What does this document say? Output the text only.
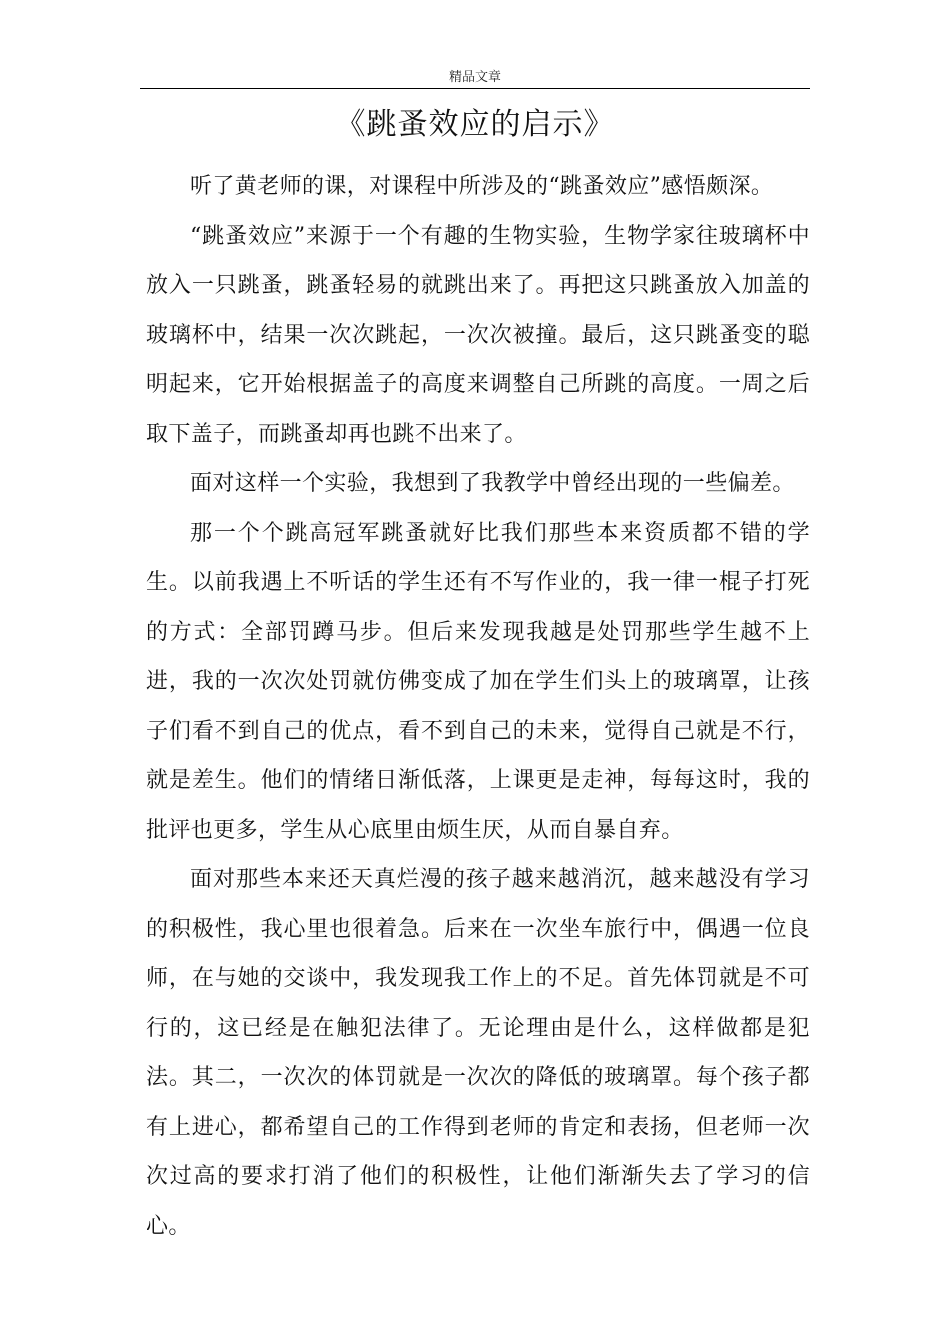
精品文章
《跳蚤效应的启示》

听了黄老师的课，对课程中所涉及的“跳蚤效应”感悟颇深。

“跳蚤效应”来源于一个有趣的生物实验，生物学家往玻璃杯中放入一只跳蚤，跳蚤轻易的就跳出来了。再把这只跳蚤放入加盖的玻璃杯中，结果一次次跳起，一次次被撞。最后，这只跳蚤变的聪明起来，它开始根据盖子的高度来调整自己所跳的高度。一周之后取下盖子，而跳蚤却再也跳不出来了。

面对这样一个实验，我想到了我教学中曾经出现的一些偏差。

那一个个跳高冠军跳蚤就好比我们那些本来资质都不错的学生。以前我遇上不听话的学生还有不写作业的，我一律一棍子打死的方式：全部罚蹲马步。但后来发现我越是处罚那些学生越不上进，我的一次次处罚就仿佛变成了加在学生们头上的玻璃罩，让孩子们看不到自己的优点，看不到自己的未来，觉得自己就是不行，就是差生。他们的情绪日渐低落，上课更是走神，每每这时，我的批评也更多，学生从心底里由烦生厌，从而自暴自弃。

面对那些本来还天真烂漫的孩子越来越消沉，越来越没有学习的积极性，我心里也很着急。后来在一次坐车旅行中，偶遇一位良师，在与她的交谈中，我发现我工作上的不足。首先体罚就是不可行的，这已经是在触犯法律了。无论理由是什么，这样做都是犯法。其二，一次次的体罚就是一次次的降低的玻璃罩。每个孩子都有上进心，都希望自己的工作得到老师的肯定和表扬，但老师一次次过高的要求打消了他们的积极性，让他们渐渐失去了学习的信心。
